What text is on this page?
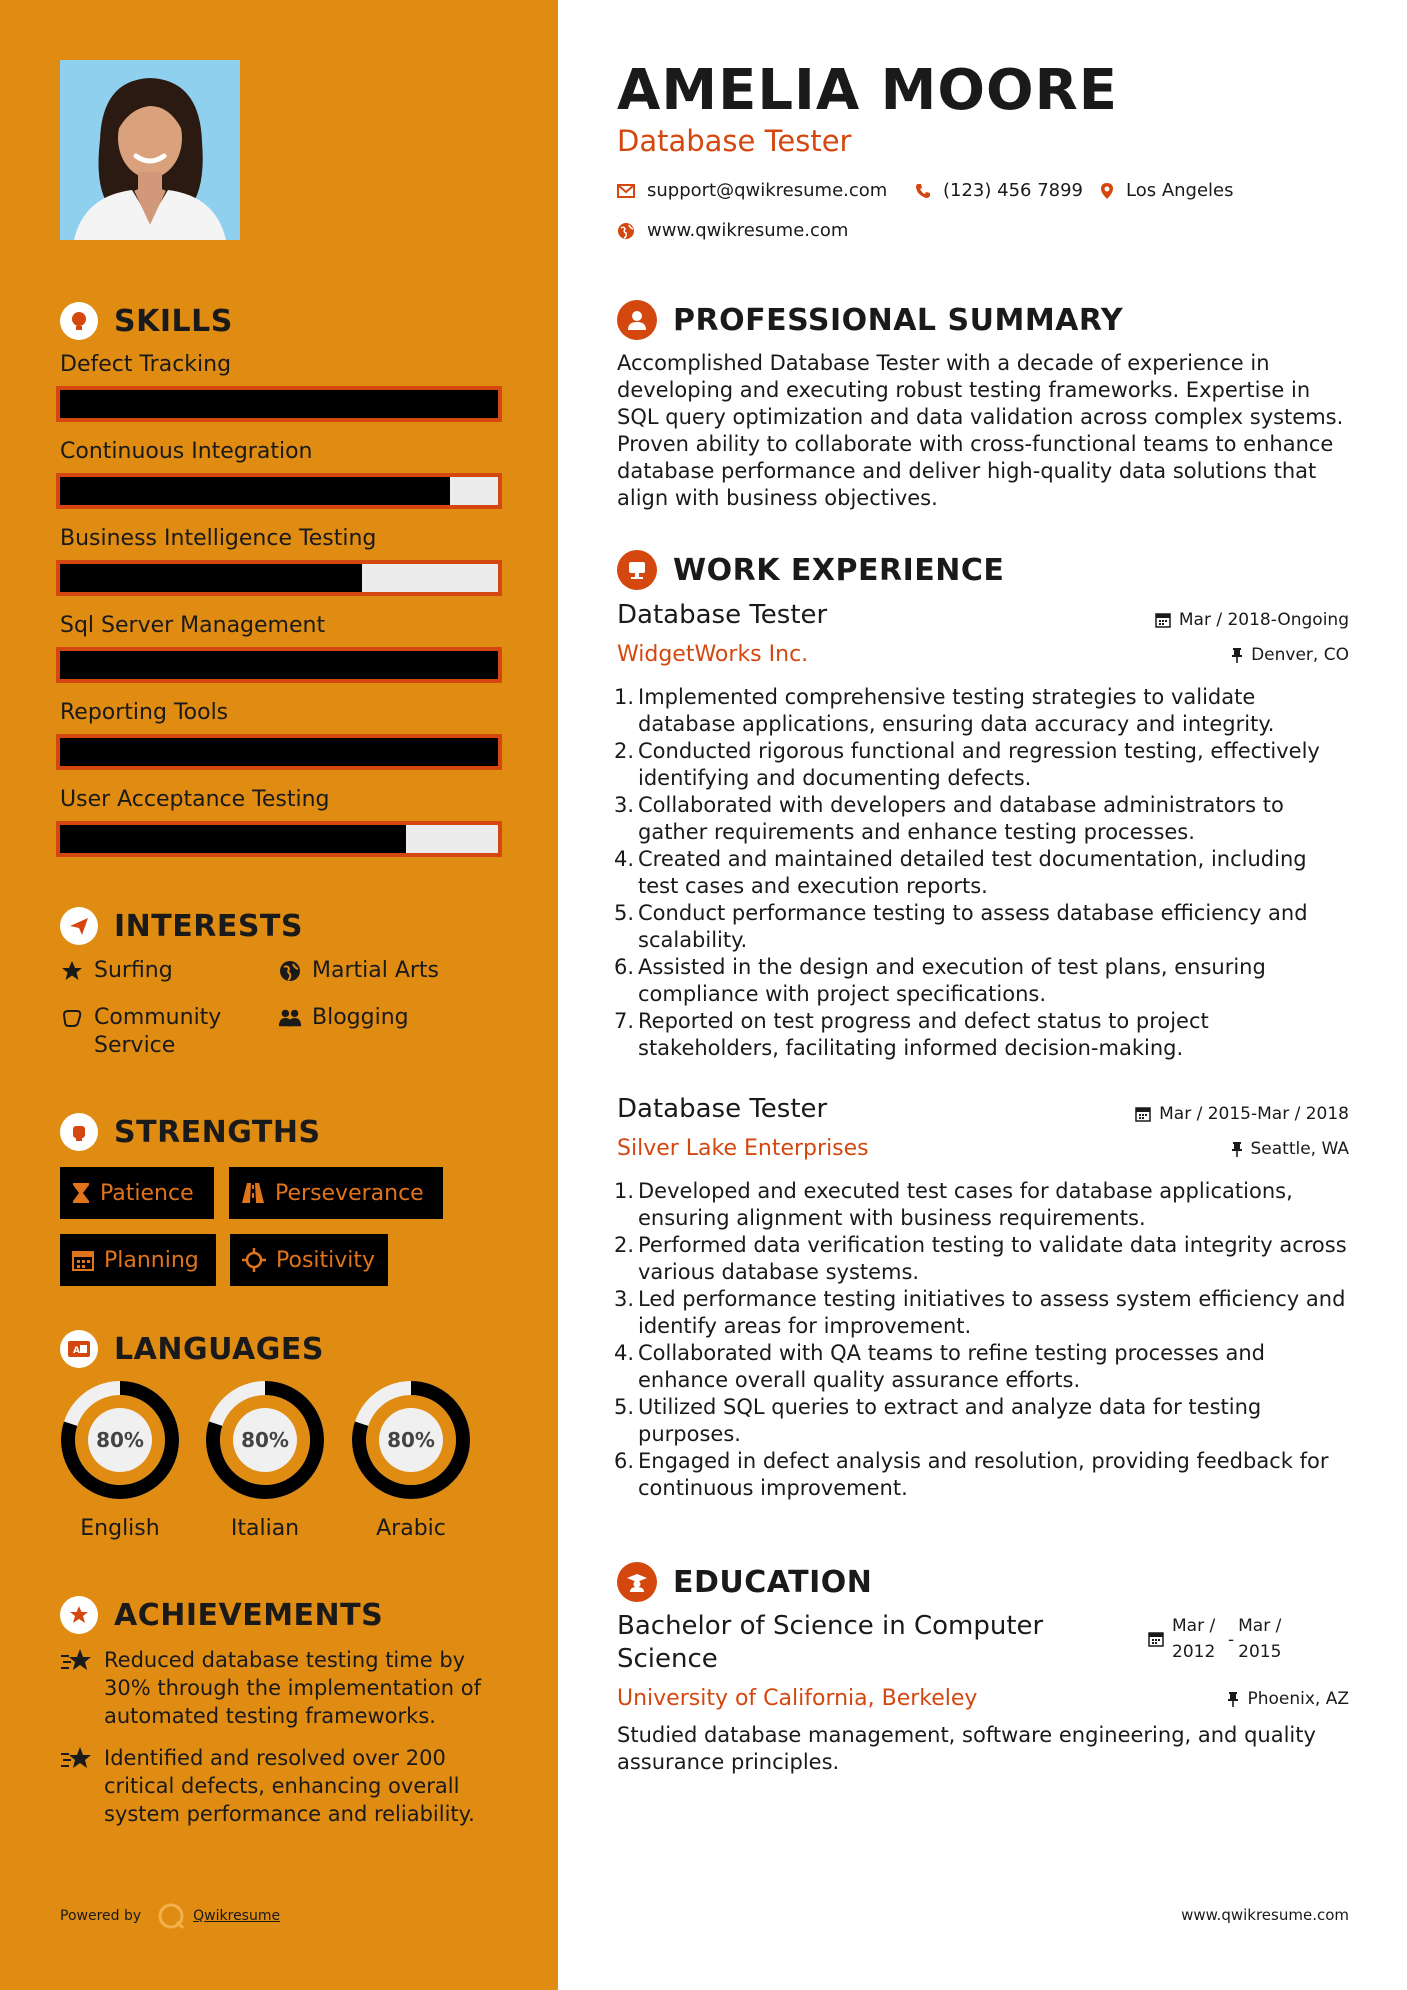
SKILLS
Defect Tracking
Continuous Integration
Business Intelligence Testing
Sql Server Management
Reporting Tools
User Acceptance Testing
INTERESTS
Surfing	Martial Arts
Community Service
Blogging
STRENGTHS
Patience	Perseverance
Planning	Positivity
A LANGUAGES
80%
English
80%
Italian
80%
Arabic
ACHIEVEMENTS
Reduced database testing time by 30% through the implementation of automated testing frameworks.
Identified and resolved over 200 critical defects, enhancing overall system performance and reliability.
Powered by	Qwikresume
AMELIA MOORE
Database Tester
support@qwikresume.com	(123) 456 7899 Los Angeles
www.qwikresume.com
PROFESSIONAL SUMMARY
Accomplished Database Tester with a decade of experience in developing and executing robust testing frameworks. Expertise in SQL query optimization and data validation across complex systems. Proven ability to collaborate with cross-functional teams to enhance database performance and deliver high-quality data solutions that align with business objectives.
WORK EXPERIENCE
Database Tester	Mar / 2018-Ongoing
WidgetWorks Inc.	Denver, CO
1. Implemented comprehensive testing strategies to validate database applications, ensuring data accuracy and integrity.
2. Conducted rigorous functional and regression testing, effectively identifying and documenting defects.
3. Collaborated with developers and database administrators to gather requirements and enhance testing processes.
4. Created and maintained detailed test documentation, including test cases and execution reports.
5. Conduct performance testing to assess database efficiency and scalability.
6. Assisted in the design and execution of test plans, ensuring compliance with project specifications.
7. Reported on test progress and defect status to project stakeholders, facilitating informed decision-making.
Database Tester	Mar / 2015-Mar / 2018
Silver Lake Enterprises	Seattle, WA
1. Developed and executed test cases for database applications, ensuring alignment with business requirements.
2. Performed data verification testing to validate data integrity across various database systems.
3. Led performance testing initiatives to assess system efficiency and identify areas for improvement.
4. Collaborated with QA teams to refine testing processes and enhance overall quality assurance efforts.
5. Utilized SQL queries to extract and analyze data for testing purposes.
6. Engaged in defect analysis and resolution, providing feedback for continuous improvement.
EDUCATION
Bachelor of Science in Computer Science
Mar / 2012
-
Mar / 2015
University of California, Berkeley	Phoenix, AZ
Studied database management, software engineering, and quality assurance principles.
www.qwikresume.com
